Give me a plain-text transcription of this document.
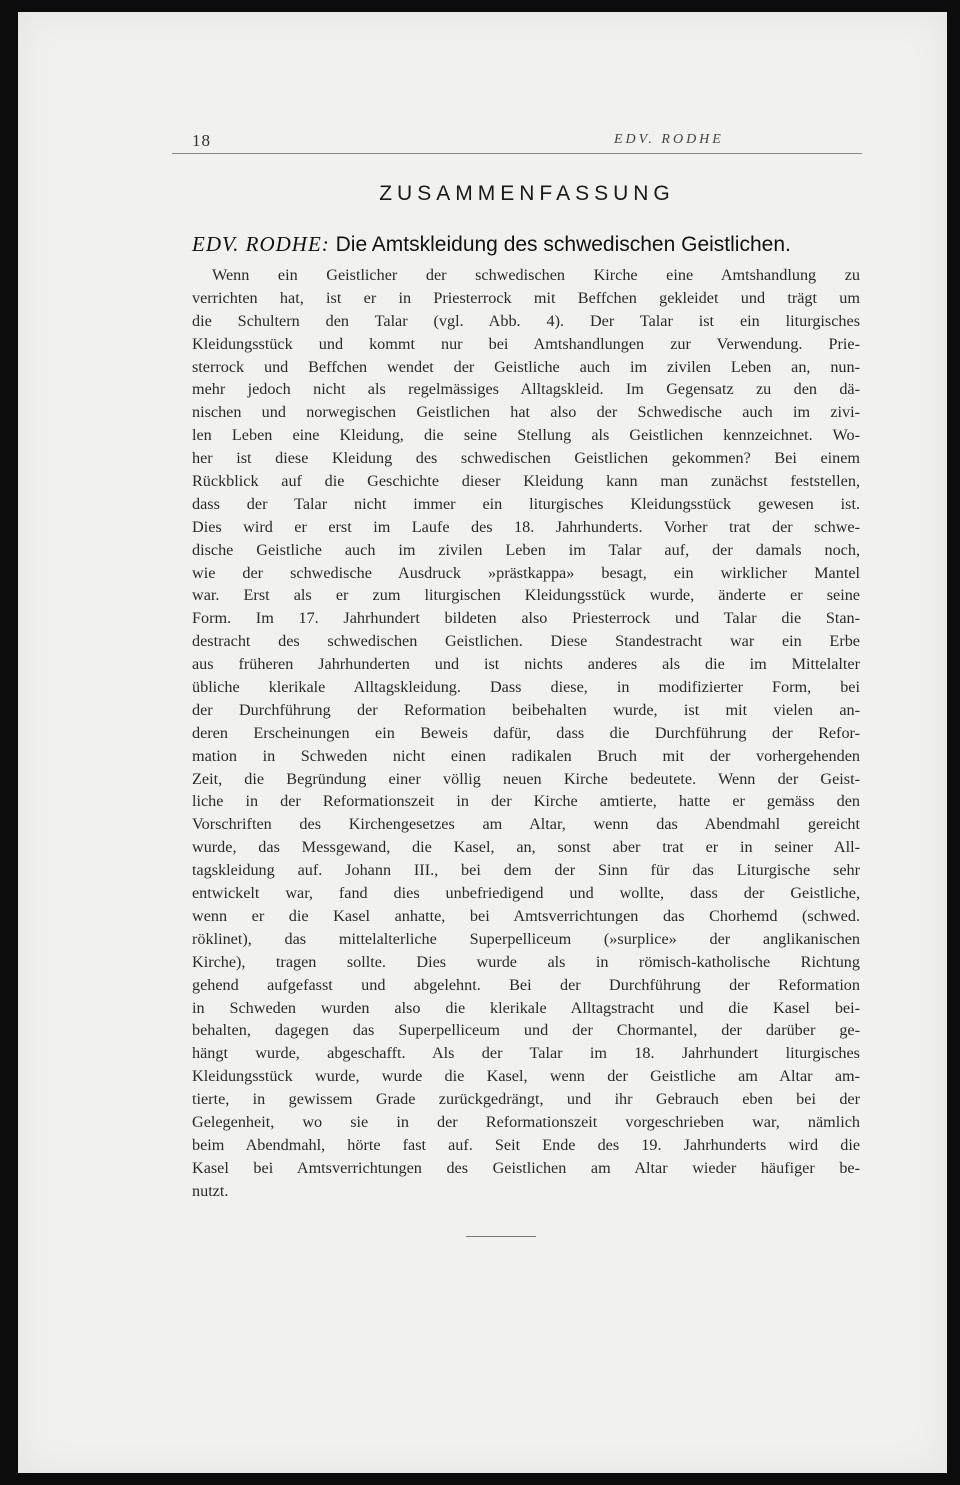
18	EDV. RODHE
ZUSAMMENFASSUNG
EDV. RODHE: Die Amtskleidung des schwedischen Geistlichen.
Wenn ein Geistlicher der schwedischen Kirche eine Amtshandlung zu
verrichten hat, ist er in Priesterrock mit Beffchen gekleidet und trägt um
die Schultern den Talar (vgl. Abb. 4). Der Talar ist ein liturgisches
Kleidungsstück und kommt nur bei Amtshandlungen zur Verwendung. Prie-
sterrock und Beffchen wendet der Geistliche auch im zivilen Leben an, nun-
mehr jedoch nicht als regelmässiges Alltagskleid. Im Gegensatz zu den dä-
nischen und norwegischen Geistlichen hat also der Schwedische auch im zivi-
len Leben eine Kleidung, die seine Stellung als Geistlichen kennzeichnet. Wo-
her ist diese Kleidung des schwedischen Geistlichen gekommen? Bei einem
Rückblick auf die Geschichte dieser Kleidung kann man zunächst feststellen,
dass der Talar nicht immer ein liturgisches Kleidungsstück gewesen ist.
Dies wird er erst im Laufe des 18. Jahrhunderts. Vorher trat der schwe-
dische Geistliche auch im zivilen Leben im Talar auf, der damals noch,
wie der schwedische Ausdruck »prästkappa» besagt, ein wirklicher Mantel
war. Erst als er zum liturgischen Kleidungsstück wurde, änderte er seine
Form. Im 17. Jahrhundert bildeten also Priesterrock und Talar die Stan-
destracht des schwedischen Geistlichen. Diese Standestracht war ein Erbe
aus früheren Jahrhunderten und ist nichts anderes als die im Mittelalter
übliche klerikale Alltagskleidung. Dass diese, in modifizierter Form, bei
der Durchführung der Reformation beibehalten wurde, ist mit vielen an-
deren Erscheinungen ein Beweis dafür, dass die Durchführung der Refor-
mation in Schweden nicht einen radikalen Bruch mit der vorhergehenden
Zeit, die Begründung einer völlig neuen Kirche bedeutete. Wenn der Geist-
liche in der Reformationszeit in der Kirche amtierte, hatte er gemäss den
Vorschriften des Kirchengesetzes am Altar, wenn das Abendmahl gereicht
wurde, das Messgewand, die Kasel, an, sonst aber trat er in seiner All-
tagskleidung auf. Johann III., bei dem der Sinn für das Liturgische sehr
entwickelt war, fand dies unbefriedigend und wollte, dass der Geistliche,
wenn er die Kasel anhatte, bei Amtsverrichtungen das Chorhemd (schwed.
röklinet), das mittelalterliche Superpelliceum (»surplice» der anglikanischen
Kirche), tragen sollte. Dies wurde als in römisch-katholische Richtung
gehend aufgefasst und abgelehnt. Bei der Durchführung der Reformation
in Schweden wurden also die klerikale Alltagstracht und die Kasel bei-
behalten, dagegen das Superpelliceum und der Chormantel, der darüber ge-
hängt wurde, abgeschafft. Als der Talar im 18. Jahrhundert liturgisches
Kleidungsstück wurde, wurde die Kasel, wenn der Geistliche am Altar am-
tierte, in gewissem Grade zurückgedrängt, und ihr Gebrauch eben bei der
Gelegenheit, wo sie in der Reformationszeit vorgeschrieben war, nämlich
beim Abendmahl, hörte fast auf. Seit Ende des 19. Jahrhunderts wird die
Kasel bei Amtsverrichtungen des Geistlichen am Altar wieder häufiger be-
nutzt.
